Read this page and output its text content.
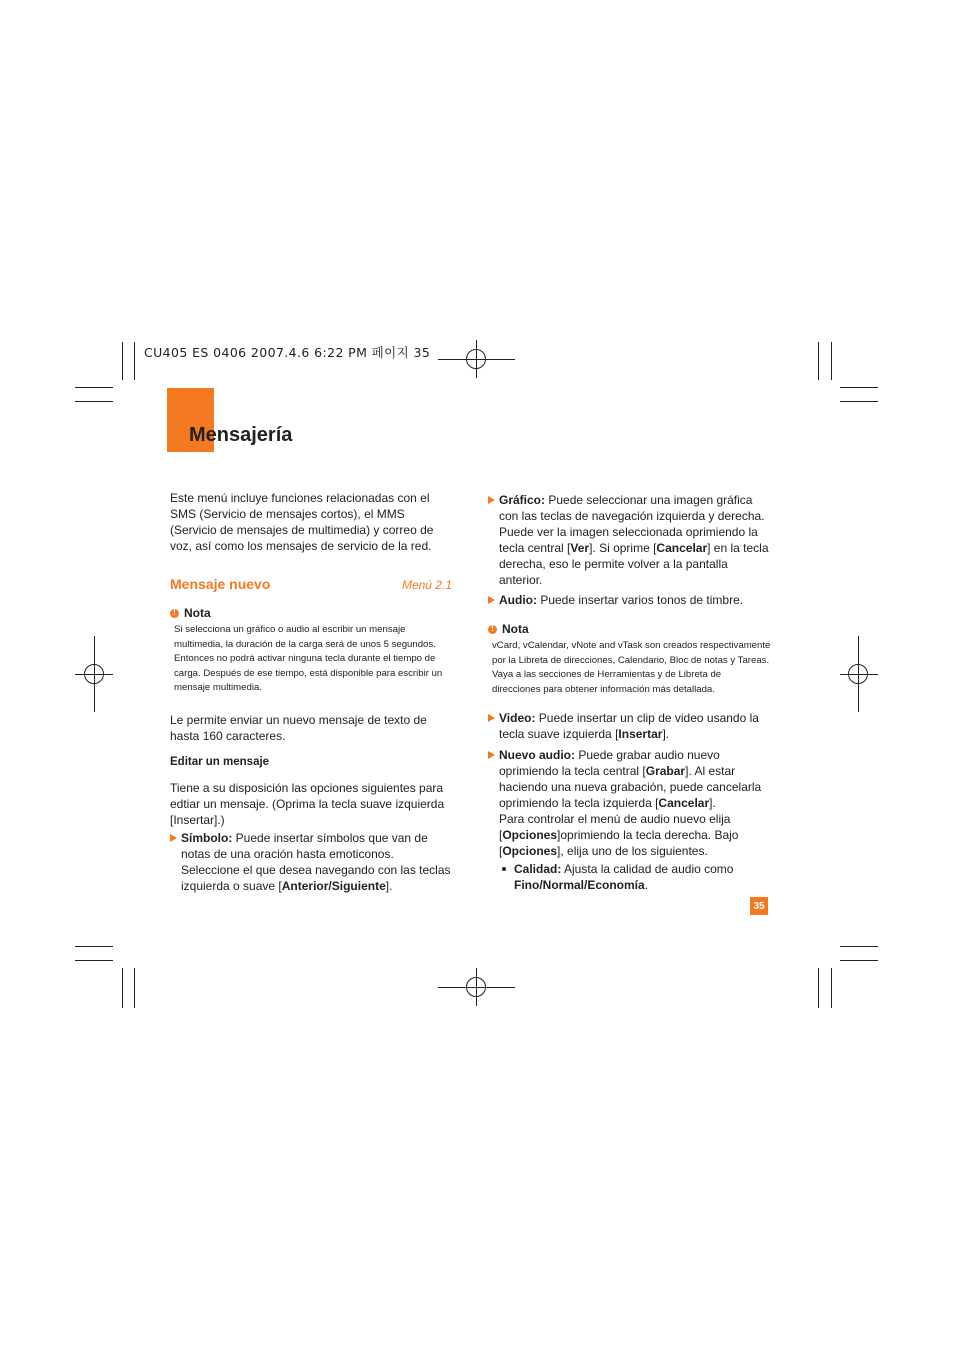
CU405 ES 0406 2007.4.6 6:22 PM 페이지 35
Mensajería

Este menú incluye funciones relacionadas con el SMS (Servicio de mensajes cortos), el MMS (Servicio de mensajes de multimedia) y correo de voz, así como los mensajes de servicio de la red.

Mensaje nuevo	Menú 2.1
!
Nota

Si selecciona un gráfico o audio al escribir un mensaje multimedia, la duración de la carga será de unos 5 segundos. Entonces no podrá activar ninguna tecla durante el tiempo de carga. Después de ese tiempo, está disponible para escribir un mensaje multimedia.

Le permite enviar un nuevo mensaje de texto de hasta 160 caracteres.

Editar un mensaje

Tiene a su disposición las opciones siguientes para edtiar un mensaje. (Oprima la tecla suave izquierda [Insertar].)

Símbolo: Puede insertar símbolos que van de notas de una oración hasta emoticonos. Seleccione el que desea navegando con las teclas izquierda o suave [Anterior/Siguiente].
Gráfico: Puede seleccionar una imagen gráfica con las teclas de navegación izquierda y derecha. Puede ver la imagen seleccionada oprimiendo la tecla central [Ver]. Si oprime [Cancelar] en la tecla derecha, eso le permite volver a la pantalla anterior.
Audio: Puede insertar varios tonos de timbre.
!
Nota

vCard, vCalendar, vNote and vTask son creados respectivamente por la Libreta de direcciones, Calendario, Bloc de notas y Tareas. Vaya a las secciones de Herramientas y de Libreta de direcciones para obtener información más detallada.

Video: Puede insertar un clip de video usando la tecla suave izquierda [Insertar].
Nuevo audio: Puede grabar audio nuevo oprimiendo la tecla central [Grabar]. Al estar haciendo una nueva grabación, puede cancelarla oprimiendo la tecla izquierda [Cancelar].

Para controlar el menú de audio nuevo elija [Opciones]oprimiendo la tecla derecha. Bajo [Opciones], elija uno de los siguientes.

Calidad: Ajusta la calidad de audio como Fino/Normal/Economía.
35
